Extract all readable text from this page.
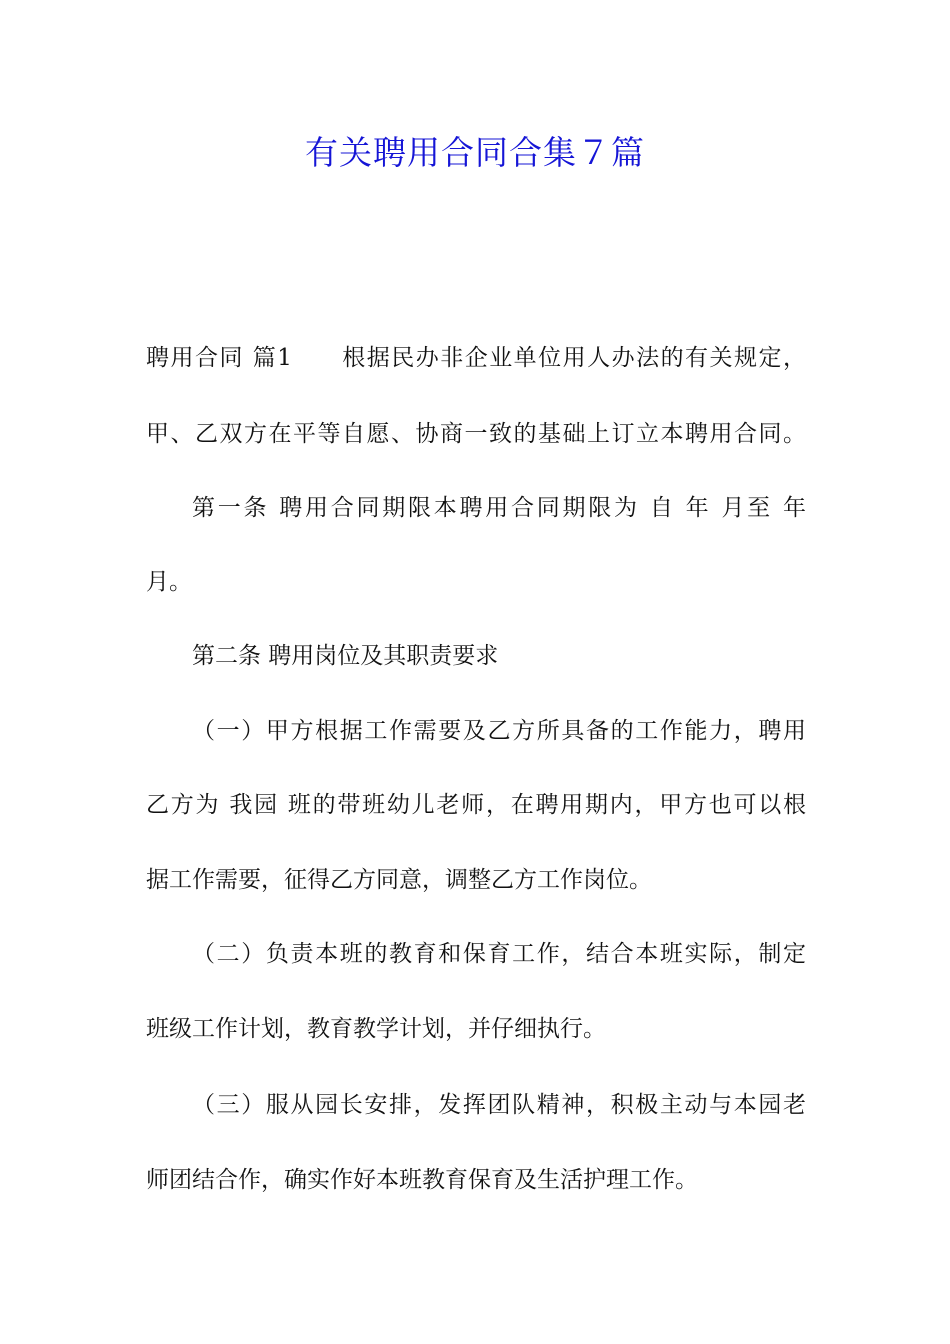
有关聘用合同合集７篇

聘用合同 篇1　　根据民办非企业单位用人办法的有关规定，

甲、乙双方在平等自愿、协商一致的基础上订立本聘用合同。

第一条 聘用合同期限本聘用合同期限为 自 年 月至 年

月。

第二条 聘用岗位及其职责要求

（一）甲方根据工作需要及乙方所具备的工作能力，聘用

乙方为 我园 班的带班幼儿老师，在聘用期内，甲方也可以根

据工作需要，征得乙方同意，调整乙方工作岗位。

（二）负责本班的教育和保育工作，结合本班实际，制定

班级工作计划，教育教学计划，并仔细执行。

（三）服从园长安排，发挥团队精神，积极主动与本园老

师团结合作，确实作好本班教育保育及生活护理工作。
